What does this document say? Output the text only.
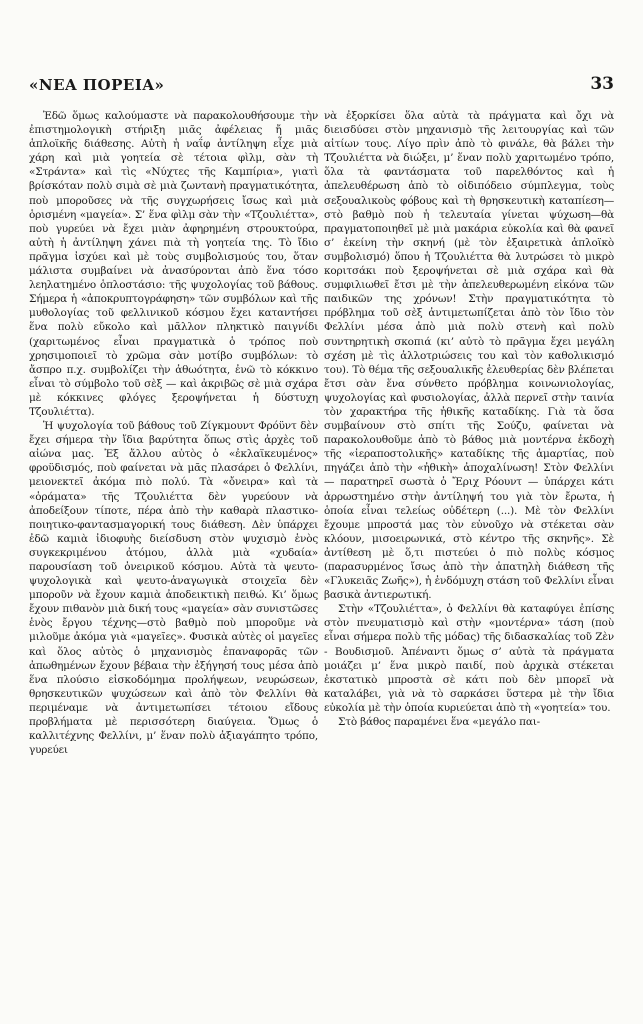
«ΝΕΑ ΠΟΡΕΙΑ»	33

Ἐδῶ ὅμως καλούμαστε νὰ παρακολουθήσουμε τὴν ἐπιστημολογικὴ στήριξη μιᾶς ἀφέλειας ἤ μιᾶς ἁπλοϊκῆς διάθεσης. Αὐτὴ ἡ ναΐφ ἀντίληψη εἶχε μιὰ χάρη καὶ μιὰ γοητεία σὲ τέτοια φὶλμ, σὰν τὴ «Στράντα» καὶ τὶς «Νύχτες τῆς Καμπίρια», γιατὶ βρίσκόταν πολὺ σιμὰ σὲ μιὰ ζωντανὴ πραγματικότητα, ποὺ μποροῦσες νὰ τῆς συγχωρήσεις ἴσως καὶ μιὰ ὁρισμένη «μαγεία». Σ’ ἕνα φὶλμ σὰν τὴν «Τζουλιέττα», ποὺ γυρεύει νὰ ἔχει μιὰν ἀφηρημένη στρουκτούρα, αὐτὴ ἡ ἀντίληψη χάνει πιὰ τὴ γοητεία της. Τὸ ἴδιο πρᾶγμα ἰσχύει καὶ μὲ τοὺς συμβολισμούς του, ὅταν μάλιστα συμβαίνει νὰ ἀνασύρονται ἀπὸ ἕνα τόσο λεηλατημένο ὁπλοστάσιο: τῆς ψυχολογίας τοῦ βάθους. Σήμερα ἡ «ἀποκρυπτογράφηση» τῶν συμβόλων καὶ τῆς μυθολογίας τοῦ φελλινικοῦ κόσμου ἔχει καταντήσει ἕνα πολὺ εὔκολο καὶ μᾶλλον πληκτικὸ παιγνίδι (χαριτωμένος εἶναι πραγματικὰ ὁ τρόπος ποὺ χρησιμοποιεῖ τὸ χρῶμα σὰν μοτίβο συμβόλων: τὸ ἄσπρο π.χ. συμβολίζει τὴν ἀθωότητα, ἐνῶ τὸ κόκκινο εἶναι τὸ σύμβολο τοῦ σὲξ — καὶ ἀκριβῶς σὲ μιὰ σχάρα μὲ κόκκινες φλόγες ξεροψήνεται ἡ δύστυχη Τζουλιέττα).

Ἡ ψυχολογία τοῦ βάθους τοῦ Ζίγκμουντ Φρόϋντ δὲν ἔχει σήμερα τὴν ἴδια βαρύτητα ὅπως στὶς ἀρχὲς τοῦ αἰώνα μας. Ἐξ ἄλλου αὐτὸς ὁ «ἐκλαϊκευμένος» φροϋδισμός, ποὺ φαίνεται νὰ μᾶς πλασάρει ὁ Φελλίνι, μειονεκτεῖ ἀκόμα πιὸ πολύ. Τὰ «ὄνειρα» καὶ τὰ «ὁράματα» τῆς Τζουλιέττα δὲν γυρεύουν νὰ ἀποδείξουν τίποτε, πέρα ἀπὸ τὴν καθαρὰ πλαστικο-ποιητικο-φαντασμαγορική τους διάθεση. Δὲν ὑπάρχει ἐδῶ καμιὰ ἰδιοφυὴς διείσδυση στὸν ψυχισμὸ ἑνὸς συγκεκριμένου ἀτόμου, ἀλλὰ μιὰ «χυδαία» παρουσίαση τοῦ ὀνειρικοῦ κόσμου. Αὐτὰ τὰ ψευτο-ψυχολογικὰ καὶ ψευτο-ἀναγωγικὰ στοιχεῖα δὲν μποροῦν νὰ ἔχουν καμιὰ ἀποδεικτικὴ πειθώ. Κι’ ὅμως ἔχουν πιθανὸν μιὰ δική τους «μαγεία» σὰν συνιστῶσες ἑνὸς ἔργου τέχνης—στὸ βαθμὸ ποὺ μποροῦμε νὰ μιλοῦμε ἀκόμα γιὰ «μαγεῖες». Φυσικὰ αὐτὲς οἱ μαγεῖες καὶ ὅλος αὐτὸς ὁ μηχανισμὸς ἐπαναφορᾶς τῶν ἀπωθημένων ἔχουν βέβαια τὴν ἐξήγησή τους μέσα ἀπὸ ἕνα πλούσιο εἰσκοδόμημα προλήψεων, νευρώσεων, θρησκευτικῶν ψυχώσεων καὶ ἀπὸ τὸν Φελλίνι θὰ περιμέναμε νὰ ἀντιμετωπίσει τέτοιου εἴδους προβλήματα μὲ περισσότερη διαύγεια. Ὅμως ὁ καλλιτέχνης Φελλίνι, μ’ ἕναν πολὺ ἀξιαγάπητο τρόπο, γυρεύει

νὰ ἐξορκίσει ὅλα αὐτὰ τὰ πράγματα καὶ ὄχι νὰ διεισδύσει στὸν μηχανισμὸ τῆς λειτουργίας καὶ τῶν αἰτίων τους. Λίγο πρὶν ἀπὸ τὸ φινάλε, θὰ βάλει τὴν Τζουλιέττα νὰ διώξει, μ’ ἕναν πολὺ χαριτωμένο τρόπο, ὅλα τὰ φαντάσματα τοῦ παρελθόντος καὶ ἡ ἀπελευθέρωση ἀπὸ τὸ οἰδιπόδειο σύμπλεγμα, τοὺς σεξουαλικοὺς φόβους καὶ τὴ θρησκευτικὴ καταπίεση—στὸ βαθμὸ ποὺ ἡ τελευταία γίνεται ψύχωση—θὰ πραγματοποιηθεῖ μὲ μιὰ μακάρια εὐκολία καὶ θὰ φανεῖ σ’ ἐκείνη τὴν σκηνή (μὲ τὸν ἐξαιρετικὰ ἁπλοϊκὸ συμβολισμό) ὅπου ἡ Τζουλιέττα θὰ λυτρώσει τὸ μικρὸ κοριτσάκι ποὺ ξεροψήνεται σὲ μιὰ σχάρα καὶ θὰ συμφιλιωθεῖ ἔτσι μὲ τὴν ἀπελευθερωμένη εἰκόνα τῶν παιδικῶν της χρόνων! Στὴν πραγματικότητα τὸ πρόβλημα τοῦ σὲξ ἀντιμετωπίζεται ἀπὸ τὸν ἴδιο τὸν Φελλίνι μέσα ἀπὸ μιὰ πολὺ στενὴ καὶ πολὺ συντηρητικὴ σκοπιά (κι’ αὐτὸ τὸ πρᾶγμα ἔχει μεγάλη σχέση μὲ τὶς ἀλλοτριώσεις του καὶ τὸν καθολικισμό του). Τὸ θέμα τῆς σεξουαλικῆς ἐλευθερίας δὲν βλέπεται ἔτσι σὰν ἕνα σύνθετο πρόβλημα κοινωνιολογίας, ψυχολογίας καὶ φυσιολογίας, ἀλλὰ περνεῖ στὴν ταινία τὸν χαρακτήρα τῆς ἠθικῆς καταδίκης. Γιὰ τὰ ὅσα συμβαίνουν στὸ σπίτι τῆς Σούζυ, φαίνεται νὰ παρακολουθοῦμε ἀπὸ τὸ βάθος μιὰ μοντέρνα ἐκδοχὴ τῆς «ἱεραποστολικῆς» καταδίκης τῆς ἁμαρτίας, ποὺ πηγάζει ἀπὸ τὴν «ἠθικὴ» ἀποχαλίνωση! Στὸν Φελλίνι — παρατηρεῖ σωστὰ ὁ Ἔριχ Ρόουντ — ὑπάρχει κάτι ἀρρωστημένο στὴν ἀντίληψή του γιὰ τὸν ἔρωτα, ἡ ὁποία εἶναι τελείως οὐδέτερη (...). Μὲ τὸν Φελλίνι ἔχουμε μπροστά μας τὸν εὐνοῦχο νὰ στέκεται σὰν κλόουν, μισοειρωνικά, στὸ κέντρο τῆς σκηνῆς». Σὲ ἀντίθεση μὲ ὅ,τι πιστεύει ὁ πιὸ πολὺς κόσμος (παρασυρμένος ἴσως ἀπὸ τὴν ἀπατηλὴ διάθεση τῆς «Γλυκειᾶς Ζωῆς»), ἡ ἐνδόμυχη στάση τοῦ Φελλίνι εἶναι βασικὰ ἀντιερωτική.

Στὴν «Τζουλιέττα», ὁ Φελλίνι θὰ καταφύγει ἐπίσης στὸν πνευματισμὸ καὶ στὴν «μοντέρνα» τάση (ποὺ εἶναι σήμερα πολὺ τῆς μόδας) τῆς διδασκαλίας τοῦ Ζὲν - Βουδισμοῦ. Ἀπέναντι ὅμως σ’ αὐτὰ τὰ πράγματα μοιάζει μ’ ἕνα μικρὸ παιδί, ποὺ ἀρχικὰ στέκεται ἐκστατικὸ μπροστὰ σὲ κάτι ποὺ δὲν μπορεῖ νὰ καταλάβει, γιὰ νὰ τὸ σαρκάσει ὕστερα μὲ τὴν ἴδια εὐκολία μὲ τὴν ὁποία κυριεύεται ἀπὸ τὴ «γοητεία» του.

Στὸ βάθος παραμένει ἕνα «μεγάλο παι-
